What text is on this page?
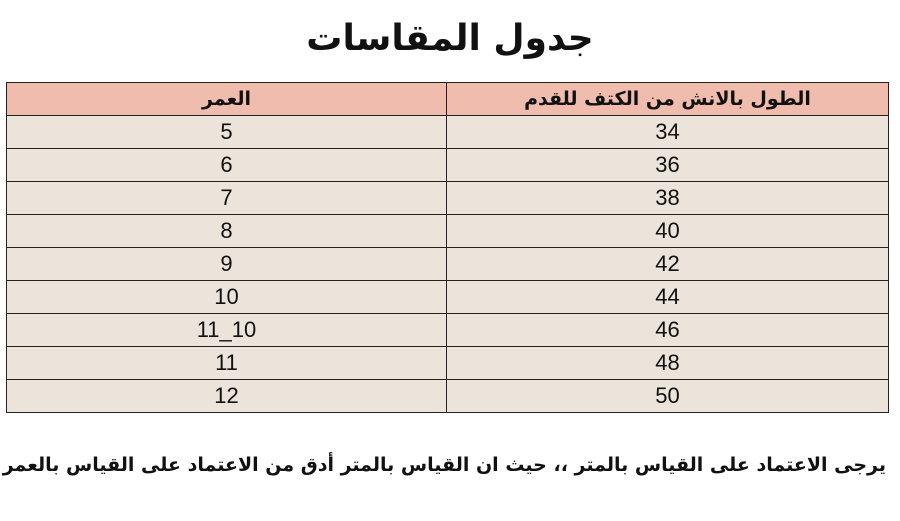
جدول المقاسات
الطول بالانش من الكتف للقدم	العمر
34	5
36	6
38	7
40	8
42	9
44	10
46	10_11
48	11
50	12

يرجى الاعتماد على القياس بالمتر ،، حيث ان القياس بالمتر أدق من الاعتماد على القياس بالعمر
